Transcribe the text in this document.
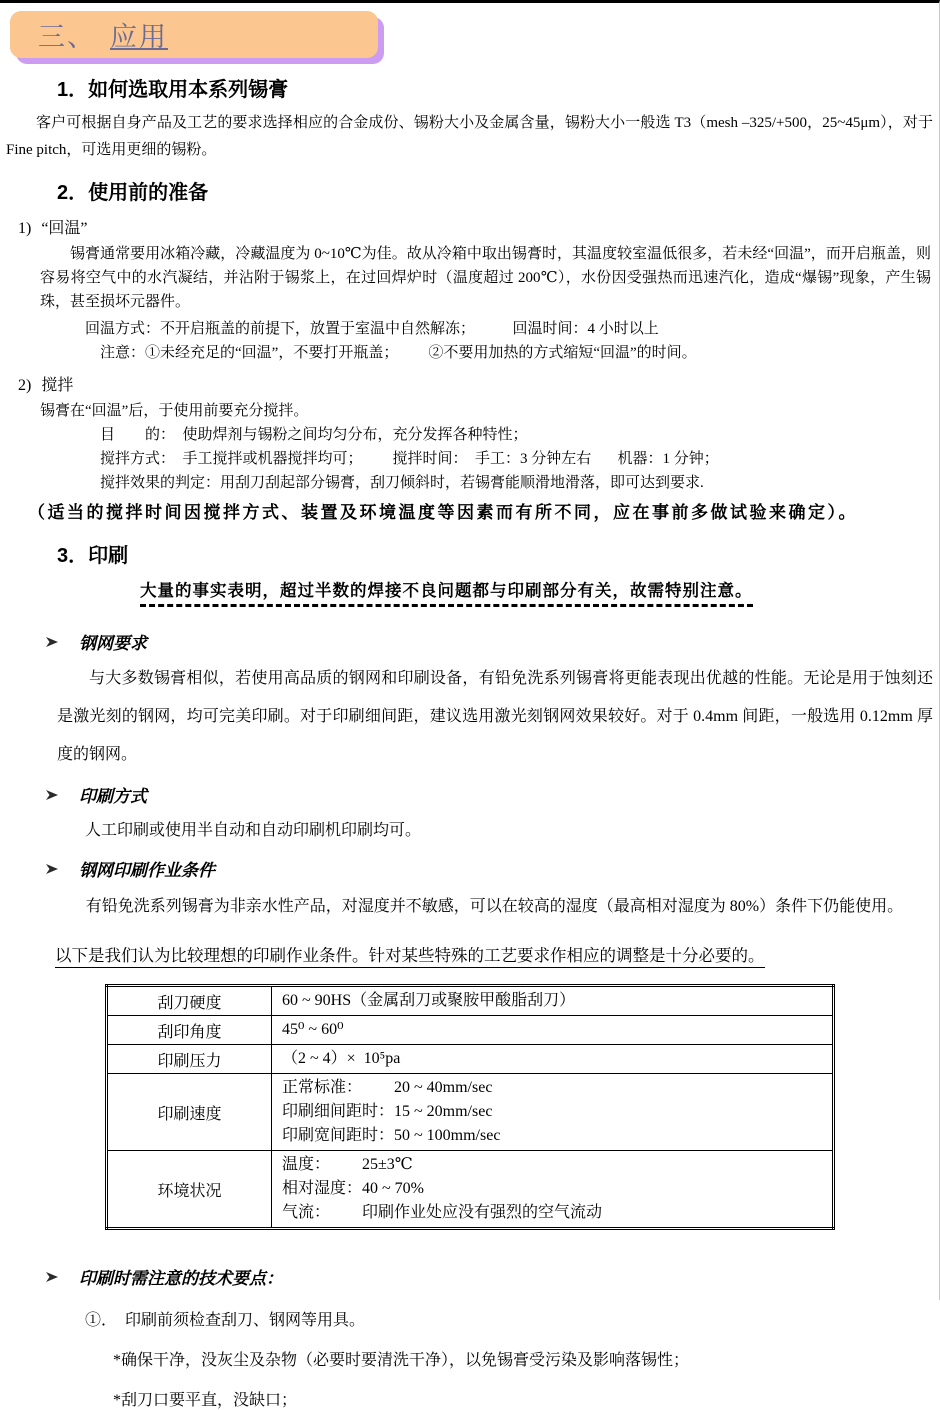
三、 应用
1．如何选取用本系列锡膏

客户可根据自身产品及工艺的要求选择相应的合金成份、锡粉大小及金属含量，锡粉大小一般选 T3（mesh –325/+500，25~45μm），对于 Fine pitch，可选用更细的锡粉。

2．使用前的准备
1) “回温”

锡膏通常要用冰箱冷藏，冷藏温度为 0~10℃为佳。故从冷箱中取出锡膏时，其温度较室温低很多，若未经“回温”，而开启瓶盖，则容易将空气中的水汽凝结，并沾附于锡浆上，在过回焊炉时（温度超过 200℃），水份因受强热而迅速汽化，造成“爆锡”现象，产生锡珠，甚至损坏元器件。

回温方式：不开启瓶盖的前提下，放置于室温中自然解冻；          回温时间：4 小时以上
注意：①未经充足的“回温”，不要打开瓶盖；        ②不要用加热的方式缩短“回温”的时间。
2) 搅拌
锡膏在“回温”后，于使用前要充分搅拌。
目　　的：  使助焊剂与锡粉之间均匀分布，充分发挥各种特性；
搅拌方式：  手工搅拌或机器搅拌均可；        搅拌时间：  手工：3 分钟左右       机器：1 分钟；
搅拌效果的判定：用刮刀刮起部分锡膏，刮刀倾斜时，若锡膏能顺滑地滑落，即可达到要求.
（适当的搅拌时间因搅拌方式、装置及环境温度等因素而有所不同，应在事前多做试验来确定）。
3．印刷
大量的事实表明，超过半数的焊接不良问题都与印刷部分有关，故需特别注意。
钢网要求

与大多数锡膏相似，若使用高品质的钢网和印刷设备，有铅免洗系列锡膏将更能表现出优越的性能。无论是用于蚀刻还是激光刻的钢网，均可完美印刷。对于印刷细间距，建议选用激光刻钢网效果较好。对于 0.4mm 间距，一般选用 0.12mm 厚度的钢网。

印刷方式
人工印刷或使用半自动和自动印刷机印刷均可。
钢网印刷作业条件
有铅免洗系列锡膏为非亲水性产品，对湿度并不敏感，可以在较高的湿度（最高相对湿度为 80%）条件下仍能使用。
以下是我们认为比较理想的印刷作业条件。针对某些特殊的工艺要求作相应的调整是十分必要的。
刮刀硬度	60 ~ 90HS（金属刮刀或聚胺甲酸脂刮刀）

刮印角度	45⁰ ~ 60⁰

印刷压力	（2 ~ 4）×  10⁵pa

印刷速度	正常标准：        20 ~ 40mm/sec
印刷细间距时：15 ~ 20mm/sec
印刷宽间距时：50 ~ 100mm/sec

环境状况	温度：        25±3℃
相对湿度：40 ~ 70%
气流：        印刷作业处应没有强烈的空气流动
印刷时需注意的技术要点：
①．  印刷前须检查刮刀、钢网等用具。
*确保干净，没灰尘及杂物（必要时要清洗干净），以免锡膏受污染及影响落锡性；
*刮刀口要平直，没缺口；
